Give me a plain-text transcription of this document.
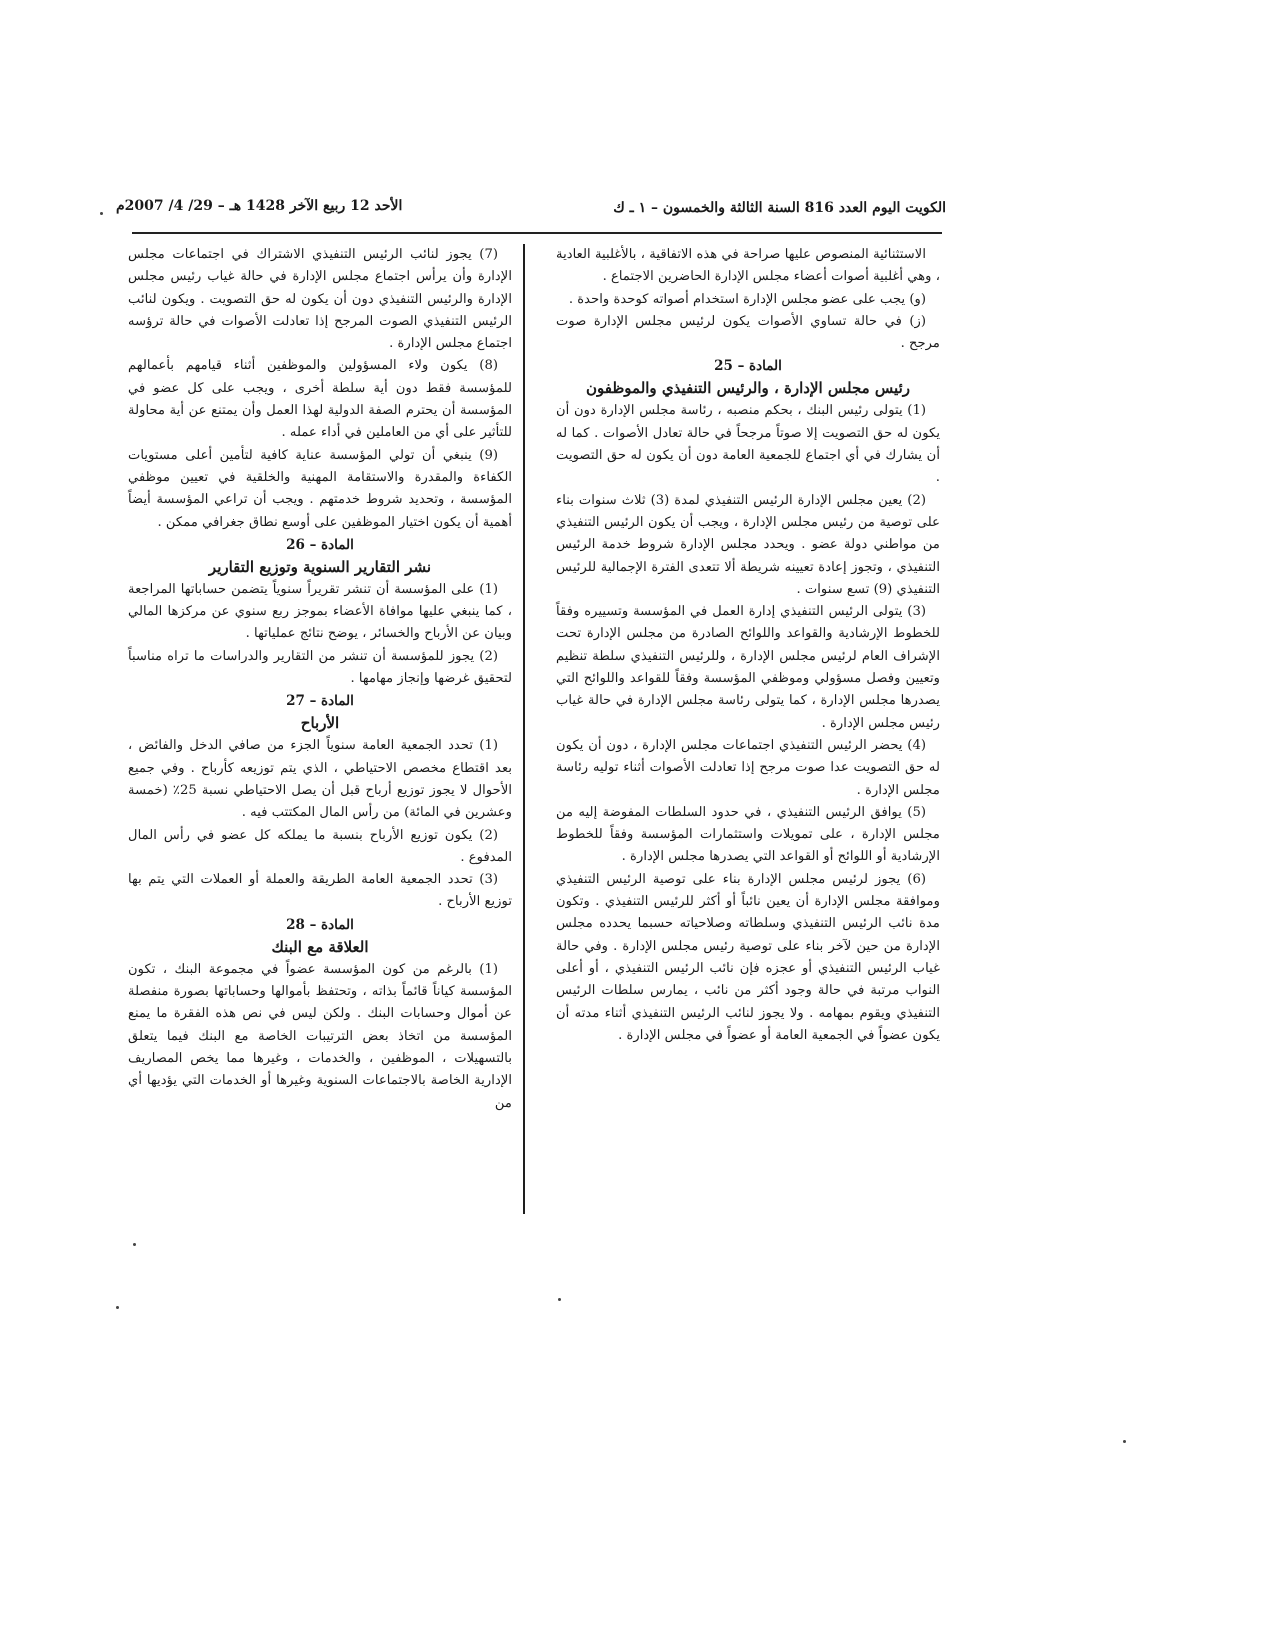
الكويت اليوم العدد 816 السنة الثالثة والخمسون – ١ ـ ك
الأحد 12 ربيع الآخر 1428 هـ – 29/ 4/ 2007م

الاستثنائية المنصوص عليها صراحة في هذه الاتفاقية ، بالأغلبية العادية ، وهي أغلبية أصوات أعضاء مجلس الإدارة الحاضرين الاجتماع .

(و) يجب على عضو مجلس الإدارة استخدام أصواته كوحدة واحدة .

(ز) في حالة تساوي الأصوات يكون لرئيس مجلس الإدارة صوت مرجح .

المادة – 25
رئيس مجلس الإدارة ، والرئيس التنفيذي والموظفون

(1) يتولى رئيس البنك ، بحكم منصبه ، رئاسة مجلس الإدارة دون أن يكون له حق التصويت إلا صوتاً مرجحاً في حالة تعادل الأصوات . كما له أن يشارك في أي اجتماع للجمعية العامة دون أن يكون له حق التصويت .

(2) يعين مجلس الإدارة الرئيس التنفيذي لمدة (3) ثلاث سنوات بناء على توصية من رئيس مجلس الإدارة ، ويجب أن يكون الرئيس التنفيذي من مواطني دولة عضو . ويحدد مجلس الإدارة شروط خدمة الرئيس التنفيذي ، وتجوز إعادة تعيينه شريطة ألا تتعدى الفترة الإجمالية للرئيس التنفيذي (9) تسع سنوات .

(3) يتولى الرئيس التنفيذي إدارة العمل في المؤسسة وتسييره وفقاً للخطوط الإرشادية والقواعد واللوائح الصادرة من مجلس الإدارة تحت الإشراف العام لرئيس مجلس الإدارة ، وللرئيس التنفيذي سلطة تنظيم وتعيين وفصل مسؤولي وموظفي المؤسسة وفقاً للقواعد واللوائح التي يصدرها مجلس الإدارة ، كما يتولى رئاسة مجلس الإدارة في حالة غياب رئيس مجلس الإدارة .

(4) يحضر الرئيس التنفيذي اجتماعات مجلس الإدارة ، دون أن يكون له حق التصويت عدا صوت مرجح إذا تعادلت الأصوات أثناء توليه رئاسة مجلس الإدارة .

(5) يوافق الرئيس التنفيذي ، في حدود السلطات المفوضة إليه من مجلس الإدارة ، على تمويلات واستثمارات المؤسسة وفقاً للخطوط الإرشادية أو اللوائح أو القواعد التي يصدرها مجلس الإدارة .

(6) يجوز لرئيس مجلس الإدارة بناء على توصية الرئيس التنفيذي وموافقة مجلس الإدارة أن يعين نائباً أو أكثر للرئيس التنفيذي . وتكون مدة نائب الرئيس التنفيذي وسلطاته وصلاحياته حسبما يحدده مجلس الإدارة من حين لآخر بناء على توصية رئيس مجلس الإدارة . وفي حالة غياب الرئيس التنفيذي أو عجزه فإن نائب الرئيس التنفيذي ، أو أعلى النواب مرتبة في حالة وجود أكثر من نائب ، يمارس سلطات الرئيس التنفيذي ويقوم بمهامه . ولا يجوز لنائب الرئيس التنفيذي أثناء مدته أن يكون عضواً في الجمعية العامة أو عضواً في مجلس الإدارة .

(7) يجوز لنائب الرئيس التنفيذي الاشتراك في اجتماعات مجلس الإدارة وأن يرأس اجتماع مجلس الإدارة في حالة غياب رئيس مجلس الإدارة والرئيس التنفيذي دون أن يكون له حق التصويت . ويكون لنائب الرئيس التنفيذي الصوت المرجح إذا تعادلت الأصوات في حالة ترؤسه اجتماع مجلس الإدارة .

(8) يكون ولاء المسؤولين والموظفين أثناء قيامهم بأعمالهم للمؤسسة فقط دون أية سلطة أخرى ، ويجب على كل عضو في المؤسسة أن يحترم الصفة الدولية لهذا العمل وأن يمتنع عن أية محاولة للتأثير على أي من العاملين في أداء عمله .

(9) ينبغي أن تولي المؤسسة عناية كافية لتأمين أعلى مستويات الكفاءة والمقدرة والاستقامة المهنية والخلقية في تعيين موظفي المؤسسة ، وتحديد شروط خدمتهم . ويجب أن تراعي المؤسسة أيضاً أهمية أن يكون اختيار الموظفين على أوسع نطاق جغرافي ممكن .

المادة – 26
نشر التقارير السنوية وتوزيع التقارير

(1) على المؤسسة أن تنشر تقريراً سنوياً يتضمن حساباتها المراجعة ، كما ينبغي عليها موافاة الأعضاء بموجز ربع سنوي عن مركزها المالي وبيان عن الأرباح والخسائر ، يوضح نتائج عملياتها .

(2) يجوز للمؤسسة أن تنشر من التقارير والدراسات ما تراه مناسباً لتحقيق غرضها وإنجاز مهامها .

المادة – 27
الأرباح

(1) تحدد الجمعية العامة سنوياً الجزء من صافي الدخل والفائض ، بعد اقتطاع مخصص الاحتياطي ، الذي يتم توزيعه كأرباح . وفي جميع الأحوال لا يجوز توزيع أرباح قبل أن يصل الاحتياطي نسبة 25٪ (خمسة وعشرين في المائة) من رأس المال المكتتب فيه .

(2) يكون توزيع الأرباح بنسبة ما يملكه كل عضو في رأس المال المدفوع .

(3) تحدد الجمعية العامة الطريقة والعملة أو العملات التي يتم بها توزيع الأرباح .

المادة – 28
العلاقة مع البنك

(1) بالرغم من كون المؤسسة عضواً في مجموعة البنك ، تكون المؤسسة كياناً قائماً بذاته ، وتحتفظ بأموالها وحساباتها بصورة منفصلة عن أموال وحسابات البنك . ولكن ليس في نص هذه الفقرة ما يمنع المؤسسة من اتخاذ بعض الترتيبات الخاصة مع البنك فيما يتعلق بالتسهيلات ، الموظفين ، والخدمات ، وغيرها مما يخص المصاريف الإدارية الخاصة بالاجتماعات السنوية وغيرها أو الخدمات التي يؤديها أي من
